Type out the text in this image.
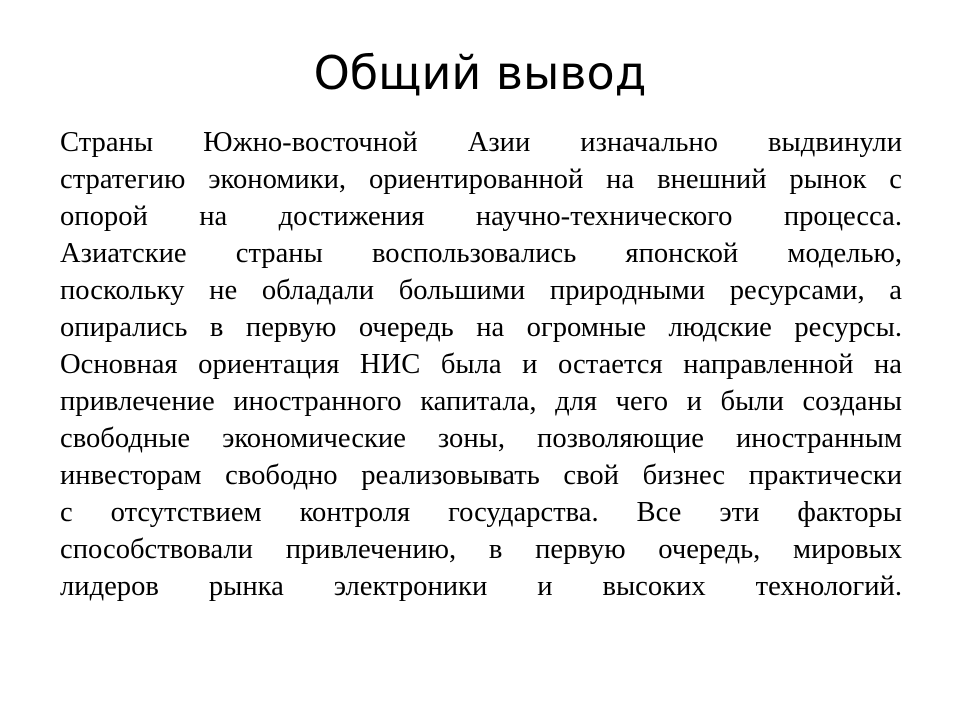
Общий вывод
Страны Южно-восточной Азии изначально выдвинули
стратегию экономики, ориентированной на внешний рынок с
опорой на достижения научно-технического процесса.
Азиатские страны воспользовались японской моделью,
поскольку не обладали большими природными ресурсами, а
опирались в первую очередь на огромные людские ресурсы.
Основная ориентация НИС была и остается направленной на
привлечение иностранного капитала, для чего и были созданы
свободные экономические зоны, позволяющие иностранным
инвесторам свободно реализовывать свой бизнес практически
с отсутствием контроля государства. Все эти факторы
способствовали привлечению, в первую очередь, мировых
лидеров рынка электроники и высоких технологий.
